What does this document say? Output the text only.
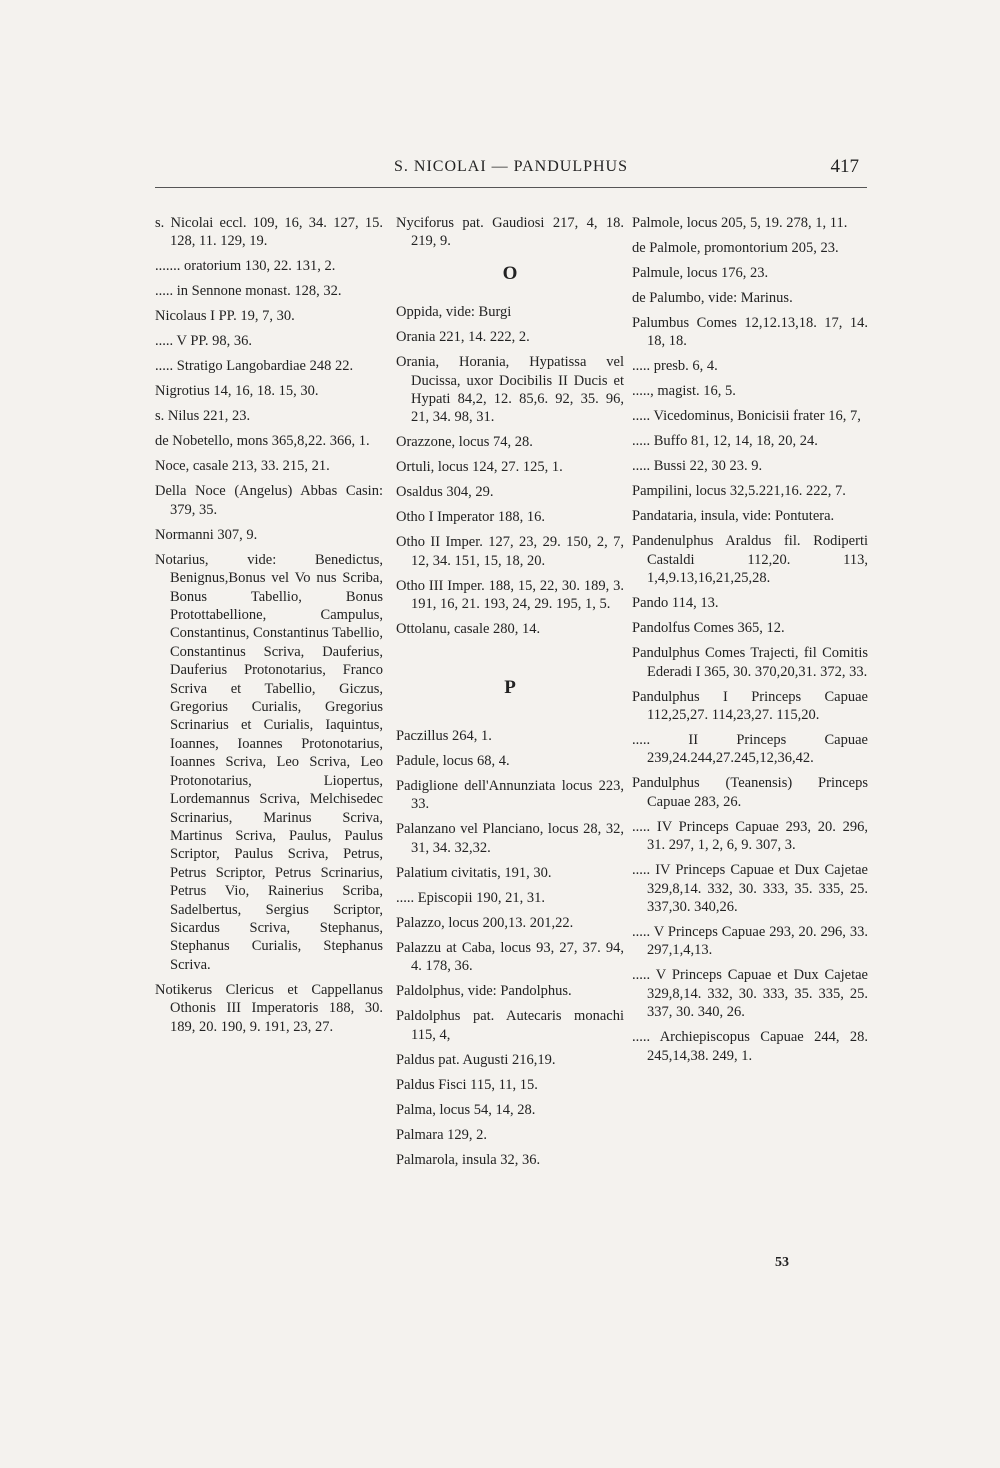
S. NICOLAI — PANDULPHUS	417
s. Nicolai eccl. 109, 16, 34. 127, 15. 128, 11. 129, 19.
....... oratorium 130, 22. 131, 2.
..... in Sennone monast. 128, 32.
Nicolaus I PP. 19, 7, 30.
..... V PP. 98, 36.
..... Stratigo Langobardiae 248 22.
Nigrotius 14, 16, 18. 15, 30.
s. Nilus 221, 23.
de Nobetello, mons 365,8,22. 366, 1.
Noce, casale 213, 33. 215, 21.
Della Noce (Angelus) Abbas Casin: 379, 35.
Normanni 307, 9.
Notarius, vide: Benedictus, Benignus,Bonus vel Vo nus Scriba, Bonus Tabellio, Bonus Protottabellione, Campulus, Constantinus, Constantinus Tabellio, Constantinus Scriva, Dauferius, Dauferius Protonotarius, Franco Scriva et Tabellio, Giczus, Gregorius Curialis, Gregorius Scrinarius et Curialis, Iaquintus, Ioannes, Ioannes Protonotarius, Ioannes Scriva, Leo Scriva, Leo Protonotarius, Liopertus, Lordemannus Scriva, Melchisedec Scrinarius, Marinus Scriva, Martinus Scriva, Paulus, Paulus Scriptor, Paulus Scriva, Petrus, Petrus Scriptor, Petrus Scrinarius, Petrus Vio, Rainerius Scriba, Sadelbertus, Sergius Scriptor, Sicardus Scriva, Stephanus, Stephanus Curialis, Stephanus Scriva.
Notikerus Clericus et Cappellanus Othonis III Imperatoris 188, 30. 189, 20. 190, 9. 191, 23, 27.
Nyciforus pat. Gaudiosi 217, 4, 18. 219, 9.
O
Oppida, vide: Burgi
Orania 221, 14. 222, 2.
Orania, Horania, Hypatissa vel Ducissa, uxor Docibilis II Ducis et Hypati 84,2, 12. 85,6. 92, 35. 96, 21, 34. 98, 31.
Orazzone, locus 74, 28.
Ortuli, locus 124, 27. 125, 1.
Osaldus 304, 29.
Otho I Imperator 188, 16.
Otho II Imper. 127, 23, 29. 150, 2, 7, 12, 34. 151, 15, 18, 20.
Otho III Imper. 188, 15, 22, 30. 189, 3. 191, 16, 21. 193, 24, 29. 195, 1, 5.
Ottolanu, casale 280, 14.
P
Paczillus 264, 1.
Padule, locus 68, 4.
Padiglione dell'Annunziata locus 223, 33.
Palanzano vel Planciano, locus 28, 32, 31, 34. 32,32.
Palatium civitatis, 191, 30.
..... Episcopii 190, 21, 31.
Palazzo, locus 200,13. 201,22.
Palazzu at Caba, locus 93, 27, 37. 94, 4. 178, 36.
Paldolphus, vide: Pandolphus.
Paldolphus pat. Autecaris monachi 115, 4,
Paldus pat. Augusti 216,19.
Paldus Fisci 115, 11, 15.
Palma, locus 54, 14, 28.
Palmara 129, 2.
Palmarola, insula 32, 36.
Palmole, locus 205, 5, 19. 278, 1, 11.
de Palmole, promontorium 205, 23.
Palmule, locus 176, 23.
de Palumbo, vide: Marinus.
Palumbus Comes 12,12.13,18. 17, 14. 18, 18.
..... presb. 6, 4.
....., magist. 16, 5.
..... Vicedominus, Bonicisii frater 16, 7,
..... Buffo 81, 12, 14, 18, 20, 24.
..... Bussi 22, 30 23. 9.
Pampilini, locus 32,5.221,16. 222, 7.
Pandataria, insula, vide: Pontutera.
Pandenulphus Araldus fil. Rodiperti Castaldi 112,20. 113, 1,4,9.13,16,21,25,28.
Pando 114, 13.
Pandolfus Comes 365, 12.
Pandulphus Comes Trajecti, fil Comitis Ederadi I 365, 30. 370,20,31. 372, 33.
Pandulphus I Princeps Capuae 112,25,27. 114,23,27. 115,20.
..... II Princeps Capuae 239,24.244,27.245,12,36,42.
Pandulphus (Teanensis) Princeps Capuae 283, 26.
..... IV Princeps Capuae 293, 20. 296, 31. 297, 1, 2, 6, 9. 307, 3.
..... IV Princeps Capuae et Dux Cajetae 329,8,14. 332, 30. 333, 35. 335, 25. 337,30. 340,26.
..... V Princeps Capuae 293, 20. 296, 33. 297,1,4,13.
..... V Princeps Capuae et Dux Cajetae 329,8,14. 332, 30. 333, 35. 335, 25. 337, 30. 340, 26.
..... Archiepiscopus Capuae 244, 28. 245,14,38. 249, 1.
53
